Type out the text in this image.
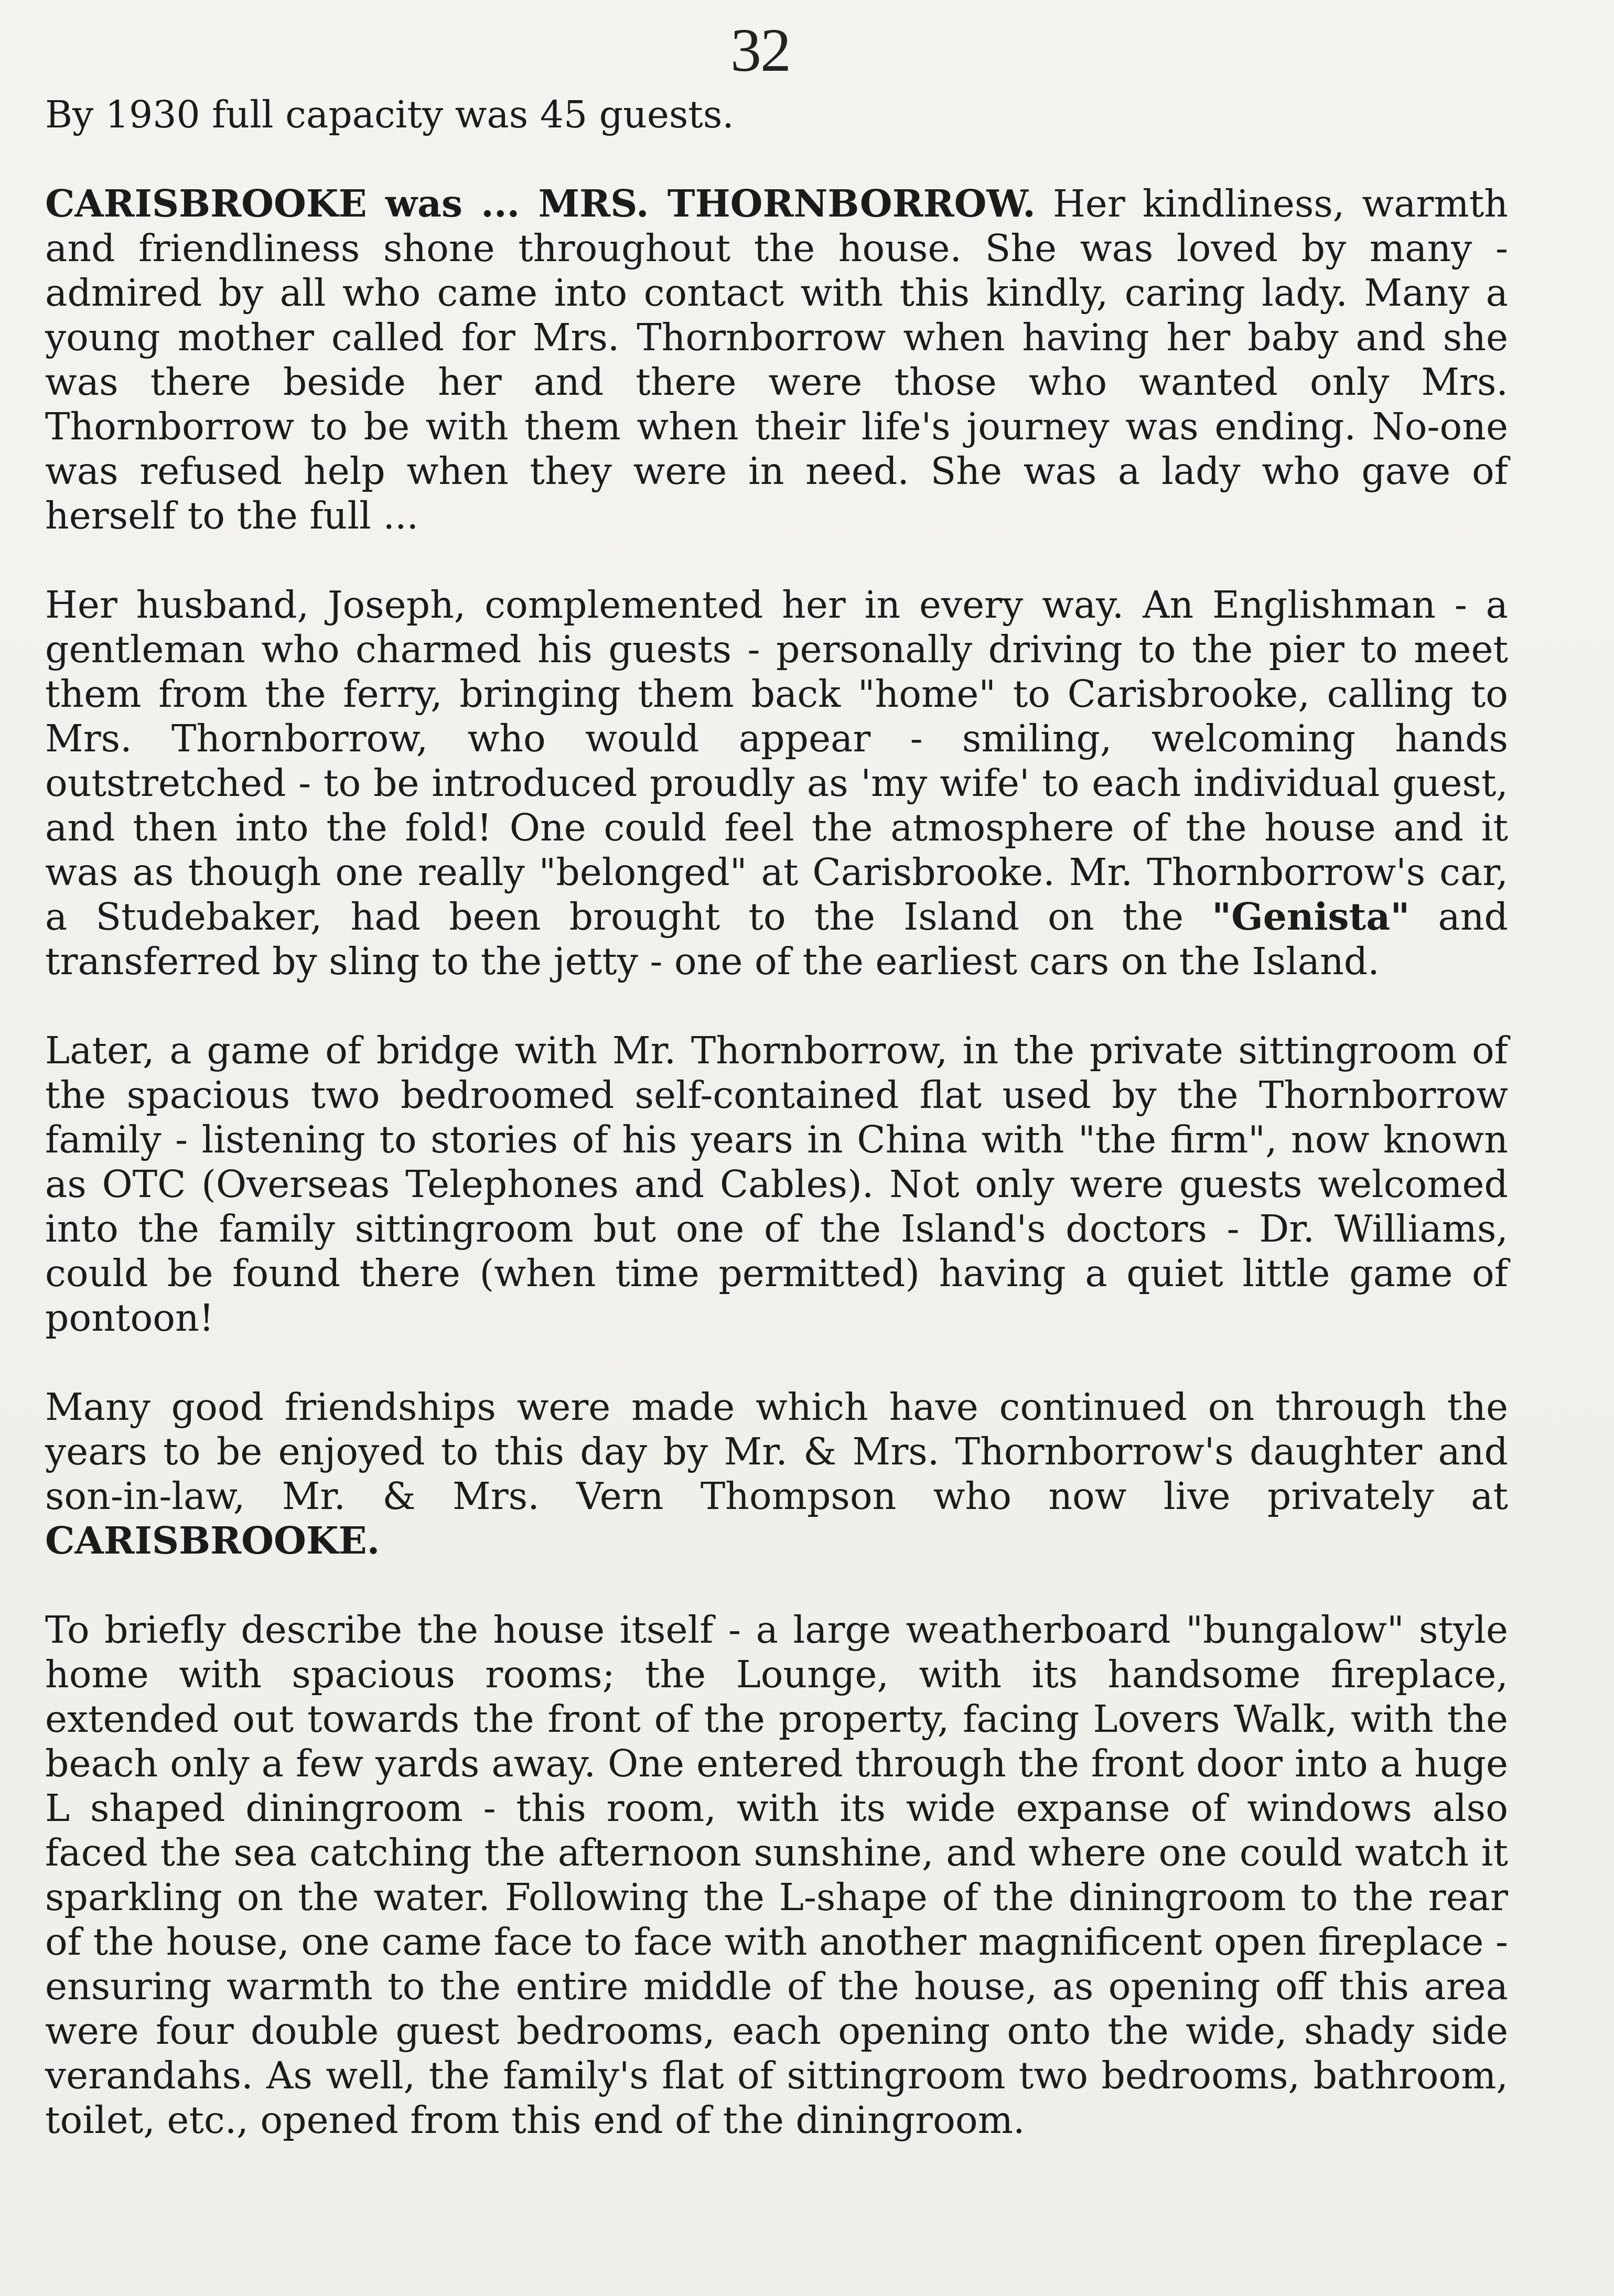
32

By 1930 full capacity was 45 guests.

CARISBROOKE was ... MRS. THORNBORROW. Her kindliness, warmth and friendliness shone throughout the house. She was loved by many - admired by all who came into contact with this kindly, caring lady. Many a young mother called for Mrs. Thornborrow when having her baby and she was there beside her and there were those who wanted only Mrs. Thornborrow to be with them when their life's journey was ending. No-one was refused help when they were in need. She was a lady who gave of herself to the full ...

Her husband, Joseph, complemented her in every way. An Englishman - a gentleman who charmed his guests - personally driving to the pier to meet them from the ferry, bringing them back "home" to Carisbrooke, calling to Mrs. Thornborrow, who would appear - smiling, welcoming hands outstretched - to be introduced proudly as 'my wife' to each individual guest, and then into the fold! One could feel the atmosphere of the house and it was as though one really "belonged" at Carisbrooke. Mr. Thornborrow's car, a Studebaker, had been brought to the Island on the "Genista" and transferred by sling to the jetty - one of the earliest cars on the Island.

Later, a game of bridge with Mr. Thornborrow, in the private sittingroom of the spacious two bedroomed self-contained flat used by the Thornborrow family - listening to stories of his years in China with "the firm", now known as OTC (Overseas Telephones and Cables). Not only were guests welcomed into the family sittingroom but one of the Island's doctors - Dr. Williams, could be found there (when time permitted) having a quiet little game of pontoon!

Many good friendships were made which have continued on through the years to be enjoyed to this day by Mr. & Mrs. Thornborrow's daughter and son-in-law, Mr. & Mrs. Vern Thompson who now live privately at CARISBROOKE.

To briefly describe the house itself - a large weatherboard "bungalow" style home with spacious rooms; the Lounge, with its handsome fireplace, extended out towards the front of the property, facing Lovers Walk, with the beach only a few yards away. One entered through the front door into a huge L shaped diningroom - this room, with its wide expanse of windows also faced the sea catching the afternoon sunshine, and where one could watch it sparkling on the water. Following the L-shape of the diningroom to the rear of the house, one came face to face with another magnificent open fireplace - ensuring warmth to the entire middle of the house, as opening off this area were four double guest bedrooms, each opening onto the wide, shady side verandahs. As well, the family's flat of sittingroom two bedrooms, bathroom, toilet, etc., opened from this end of the diningroom.
